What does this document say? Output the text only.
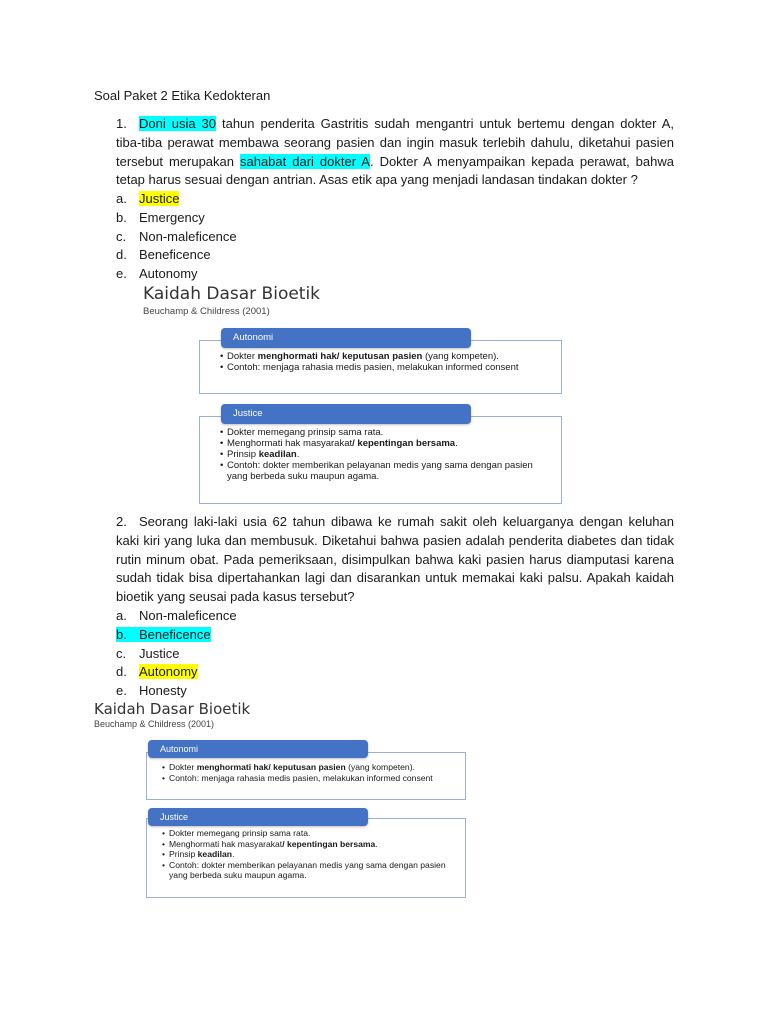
Soal Paket 2 Etika Kedokteran
1. Doni usia 30 tahun penderita Gastritis sudah mengantri untuk bertemu dengan dokter A, tiba-tiba perawat membawa seorang pasien dan ingin masuk terlebih dahulu, diketahui pasien tersebut merupakan sahabat dari dokter A. Dokter A menyampaikan kepada perawat, bahwa tetap harus sesuai dengan antrian. Asas etik apa yang menjadi landasan tindakan dokter ?
a. Justice
b. Emergency
c. Non-maleficence
d. Beneficence
e. Autonomy
Kaidah Dasar Bioetik
Beuchamp & Childress (2001)
• Dokter menghormati hak/ keputusan pasien (yang kompeten).
• Contoh: menjaga rahasia medis pasien, melakukan informed consent
Autonomi
• Dokter memegang prinsip sama rata.
• Menghormati hak masyarakat/ kepentingan bersama.
• Prinsip keadilan.
• Contoh: dokter memberikan pelayanan medis yang sama dengan pasien yang berbeda suku maupun agama.
Justice
2. Seorang laki-laki usia 62 tahun dibawa ke rumah sakit oleh keluarganya dengan keluhan kaki kiri yang luka dan membusuk. Diketahui bahwa pasien adalah penderita diabetes dan tidak rutin minum obat. Pada pemeriksaan, disimpulkan bahwa kaki pasien harus diamputasi karena sudah tidak bisa dipertahankan lagi dan disarankan untuk memakai kaki palsu. Apakah kaidah bioetik yang seusai pada kasus tersebut?
a. Non-maleficence
b. Beneficence
c. Justice
d. Autonomy
e. Honesty
Kaidah Dasar Bioetik
Beuchamp & Childress (2001)
• Dokter menghormati hak/ keputusan pasien (yang kompeten).
• Contoh: menjaga rahasia medis pasien, melakukan informed consent
Autonomi
• Dokter memegang prinsip sama rata.
• Menghormati hak masyarakat/ kepentingan bersama.
• Prinsip keadilan.
• Contoh: dokter memberikan pelayanan medis yang sama dengan pasien yang berbeda suku maupun agama.
Justice
